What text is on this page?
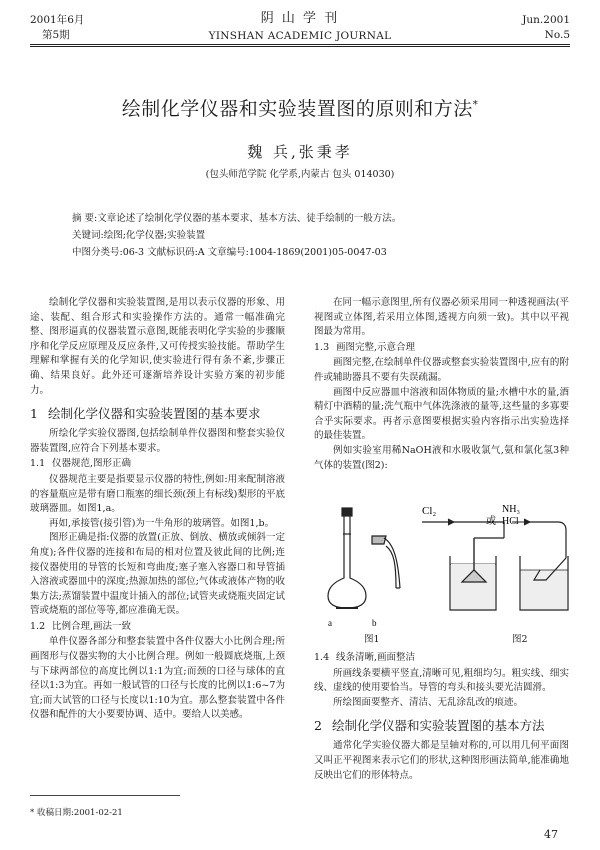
2001年6月
第5期
阴 山 学 刊
YINSHAN ACADEMIC JOURNAL
Jun.2001
No.5
绘制化学仪器和实验装置图的原则和方法*
魏 兵,张秉孝
(包头师范学院 化学系,内蒙古 包头 014030)
摘 要:文章论述了绘制化学仪器的基本要求、基本方法、徒手绘制的一般方法。
关键词:绘图;化学仪器;实验装置
中图分类号:06-3 文献标识码:A 文章编号:1004-1869(2001)05-0047-03

绘制化学仪器和实验装置图,是用以表示仪器的形象、用途、装配、组合形式和实验操作方法的。通常一幅准确完整、图形逼真的仪器装置示意图,既能表明化学实验的步骤顺序和化学反应原理及反应条件,又可传授实验技能。帮助学生理解和掌握有关的化学知识,使实验进行得有条不紊,步骤正确、结果良好。此外还可逐渐培养设计实验方案的初步能力。

1 绘制化学仪器和实验装置图的基本要求

所绘化学实验仪器图,包括绘制单件仪器图和整套实验仪器装置图,应符合下列基本要求。

1.1 仪器规范,图形正确

仪器规范主要是指要显示仪器的特性,例如:用来配制溶液的容量瓶应是带有磨口瓶塞的细长颈(颈上有标线)梨形的平底玻璃器皿。如图1,a。

再如,承接管(接引管)为一牛角形的玻璃管。如图1,b。

图形正确是指:仪器的放置(正放、倒放、横放或倾斜一定角度);各件仪器的连接和布局的相对位置及彼此间的比例;连接仪器使用的导管的长短和弯曲度;塞子塞入容器口和导管插入溶液或器皿中的深度;热源加热的部位;气体或液体产物的收集方法;蒸馏装置中温度计插入的部位;试管夹或烧瓶夹固定试管或烧瓶的部位等等,都应准确无误。

1.2 比例合理,画法一致

单件仪器各部分和整套装置中各件仪器大小比例合理;所画图形与仪器实物的大小比例合理。例如一般圆底烧瓶,上颈与下球两部位的高度比例以1:1为宜;而颈的口径与球体的直径以1:3为宜。再如一般试管的口径与长度的比例以1:6~7为宜;而大试管的口径与长度以1:10为宜。那么整套装置中各件仪器和配件的大小要要协调、适中。要给人以美感。

在同一幅示意图里,所有仪器必须采用同一种透视画法(平视图或立体图,若采用立体图,透视方向须一致)。其中以平视图最为常用。

1.3 画图完整,示意合理

画图完整,在绘制单件仪器或整套实验装置图中,应有的附件或辅助器具不要有失误疏漏。

画图中反应器皿中溶液和固体物质的量;水槽中水的量,酒精灯中酒精的量;洗气瓶中气体洗涤液的量等,这些量的多寡要合乎实际要求。再者示意图要根据实验内容指示出实验选择的最佳装置。

例如实验室用稀NaOH液和水吸收氯气,氨和氯化氢3种气体的装置(图2):

a	b
Cl₂	NH₃
或 HCl
图1	图2

1.4 线条清晰,画面整洁

所画线条要横平竖直,清晰可见,粗细均匀。粗实线、细实线、虚线的使用要恰当。导管的弯头和接头要光洁圆滑。

所绘图面要整齐、清洁、无乱涂乱改的痕迹。

2 绘制化学仪器和实验装置图的基本方法

通常化学实验仪器大都是呈轴对称的,可以用几何平面图又叫正平视图来表示它们的形状,这种图形画法简单,能准确地反映出它们的形体特点。

* 收稿日期:2001-02-21
47
